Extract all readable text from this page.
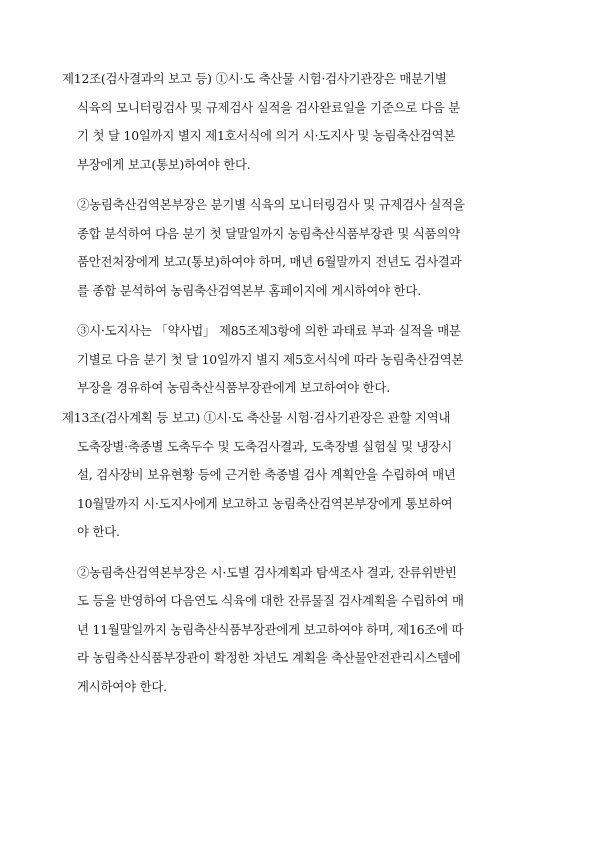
제12조(검사결과의 보고 등) ①시·도 축산물 시험·검사기관장은 매분기별
식육의 모니터링검사 및 규제검사 실적을 검사완료일을 기준으로 다음 분
기 첫 달 10일까지 별지 제1호서식에 의거 시·도지사 및 농림축산검역본
부장에게 보고(통보)하여야 한다.
②농림축산검역본부장은 분기별 식육의 모니터링검사 및 규제검사 실적을
종합 분석하여 다음 분기 첫 달말일까지 농림축산식품부장관 및 식품의약
품안전처장에게 보고(통보)하여야 하며, 매년 6월말까지 전년도 검사결과
를 종합 분석하여 농림축산검역본부 홈페이지에 게시하여야 한다.
③시·도지사는 「약사법」 제85조제3항에 의한 과태료 부과 실적을 매분
기별로 다음 분기 첫 달 10일까지 별지 제5호서식에 따라 농림축산검역본
부장을 경유하여 농림축산식품부장관에게 보고하여야 한다.
제13조(검사계획 등 보고) ①시·도 축산물 시험·검사기관장은 관할 지역내
도축장별·축종별 도축두수 및 도축검사결과, 도축장별 실험실 및 냉장시
설, 검사장비 보유현황 등에 근거한 축종별 검사 계획안을 수립하여 매년
10월말까지 시·도지사에게 보고하고 농림축산검역본부장에게 통보하여
야 한다.
②농림축산검역본부장은 시·도별 검사계획과 탐색조사 결과, 잔류위반빈
도 등을 반영하여 다음연도 식육에 대한 잔류물질 검사계획을 수립하여 매
년 11월말일까지 농림축산식품부장관에게 보고하여야 하며, 제16조에 따
라 농림축산식품부장관이 확정한 차년도 계획을 축산물안전관리시스템에
게시하여야 한다.
